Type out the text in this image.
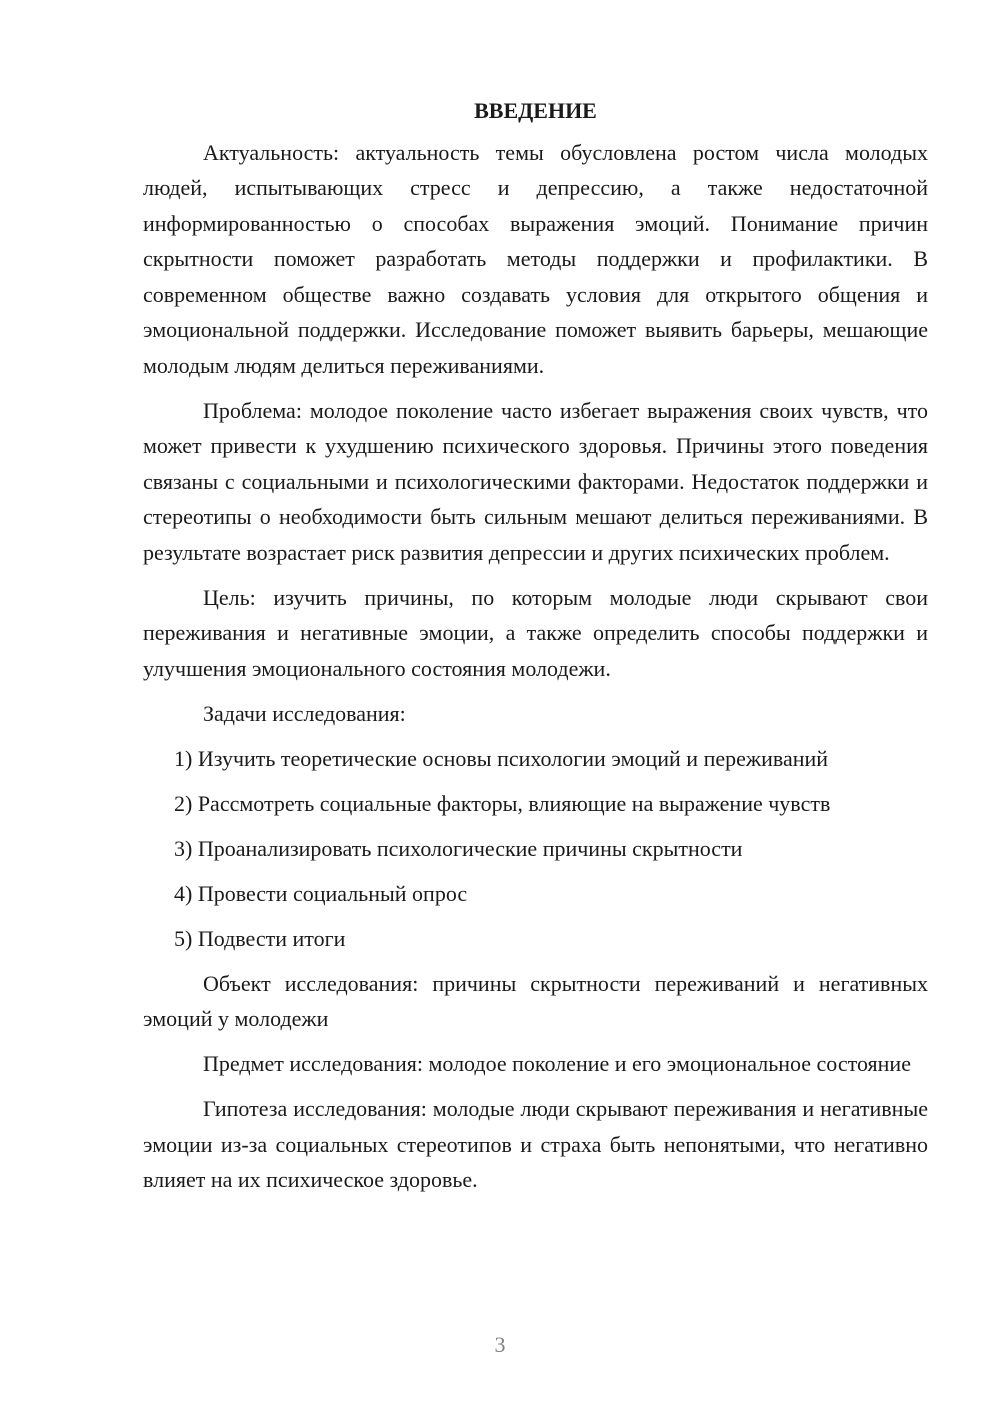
ВВЕДЕНИЕ

Актуальность: актуальность темы обусловлена ростом числа молодых людей, испытывающих стресс и депрессию, а также недостаточной информированностью о способах выражения эмоций. Понимание причин скрытности поможет разработать методы поддержки и профилактики. В современном обществе важно создавать условия для открытого общения и эмоциональной поддержки. Исследование поможет выявить барьеры, мешающие молодым людям делиться переживаниями.

Проблема: молодое поколение часто избегает выражения своих чувств, что может привести к ухудшению психического здоровья. Причины этого поведения связаны с социальными и психологическими факторами. Недостаток поддержки и стереотипы о необходимости быть сильным мешают делиться переживаниями. В результате возрастает риск развития депрессии и других психических проблем.

Цель: изучить причины, по которым молодые люди скрывают свои переживания и негативные эмоции, а также определить способы поддержки и улучшения эмоционального состояния молодежи.

Задачи исследования:

1) Изучить теоретические основы психологии эмоций и переживаний
2) Рассмотреть социальные факторы, влияющие на выражение чувств
3) Проанализировать психологические причины скрытности
4) Провести социальный опрос
5) Подвести итоги

Объект исследования: причины скрытности переживаний и негативных эмоций у молодежи

Предмет исследования: молодое поколение и его эмоциональное состояние

Гипотеза исследования: молодые люди скрывают переживания и негативные эмоции из-за социальных стереотипов и страха быть непонятыми, что негативно влияет на их психическое здоровье.

3
